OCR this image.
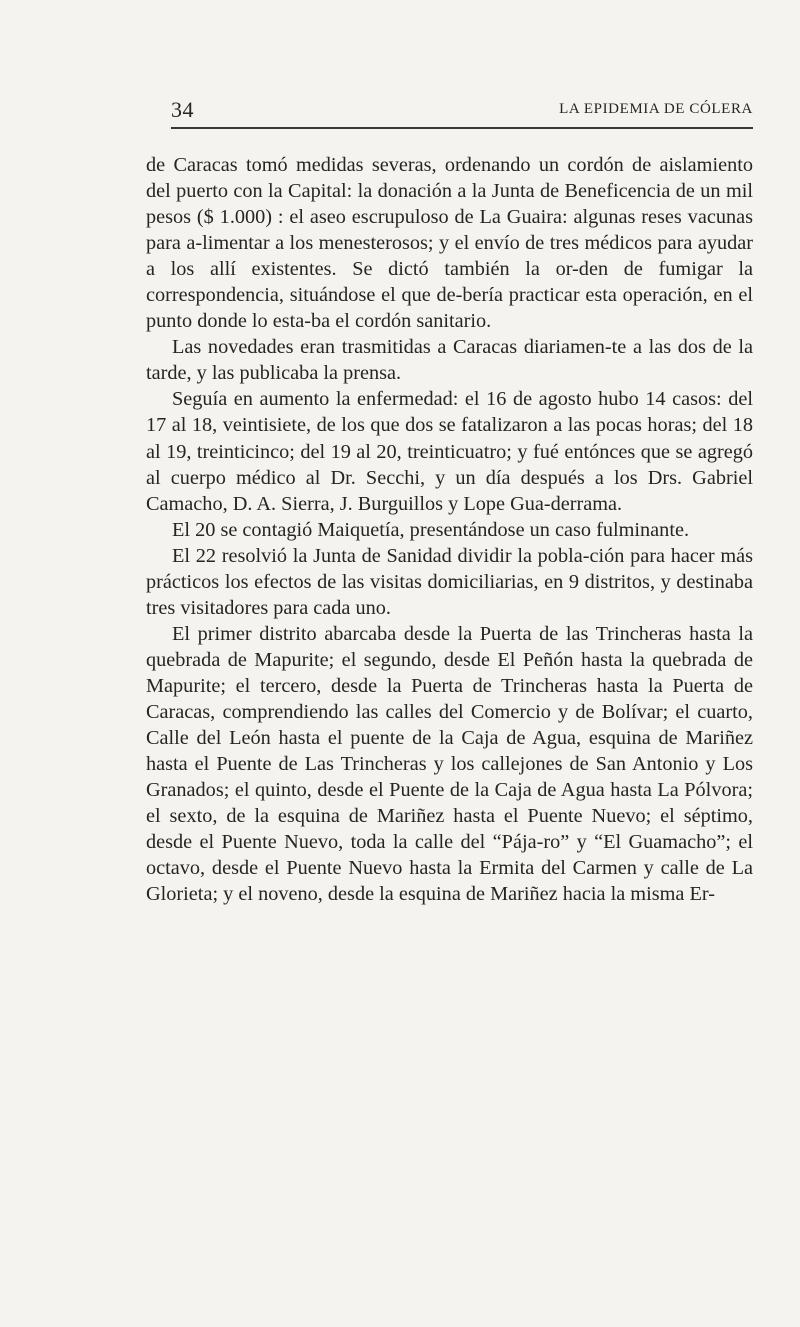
34	LA EPIDEMIA DE CÓLERA

de Caracas tomó medidas severas, ordenando un cordón de aislamiento del puerto con la Capital: la donación a la Junta de Beneficencia de un mil pesos ($ 1.000) : el aseo escrupuloso de La Guaira: algunas reses vacunas para a-limentar a los menesterosos; y el envío de tres médicos para ayudar a los allí existentes. Se dictó también la or-den de fumigar la correspondencia, situándose el que de-bería practicar esta operación, en el punto donde lo esta-ba el cordón sanitario.

Las novedades eran trasmitidas a Caracas diariamen-te a las dos de la tarde, y las publicaba la prensa.

Seguía en aumento la enfermedad: el 16 de agosto hubo 14 casos: del 17 al 18, veintisiete, de los que dos se fatalizaron a las pocas horas; del 18 al 19, treinticinco; del 19 al 20, treinticuatro; y fué entónces que se agregó al cuerpo médico al Dr. Secchi, y un día después a los Drs. Gabriel Camacho, D. A. Sierra, J. Burguillos y Lope Gua-derrama.

El 20 se contagió Maiquetía, presentándose un caso fulminante.

El 22 resolvió la Junta de Sanidad dividir la pobla-ción para hacer más prácticos los efectos de las visitas domiciliarias, en 9 distritos, y destinaba tres visitadores para cada uno.

El primer distrito abarcaba desde la Puerta de las Trincheras hasta la quebrada de Mapurite; el segundo, desde El Peñón hasta la quebrada de Mapurite; el tercero, desde la Puerta de Trincheras hasta la Puerta de Caracas, comprendiendo las calles del Comercio y de Bolívar; el cuarto, Calle del León hasta el puente de la Caja de Agua, esquina de Mariñez hasta el Puente de Las Trincheras y los callejones de San Antonio y Los Granados; el quinto, desde el Puente de la Caja de Agua hasta La Pólvora; el sexto, de la esquina de Mariñez hasta el Puente Nuevo; el séptimo, desde el Puente Nuevo, toda la calle del “Pája-ro” y “El Guamacho”; el octavo, desde el Puente Nuevo hasta la Ermita del Carmen y calle de La Glorieta; y el noveno, desde la esquina de Mariñez hacia la misma Er-
